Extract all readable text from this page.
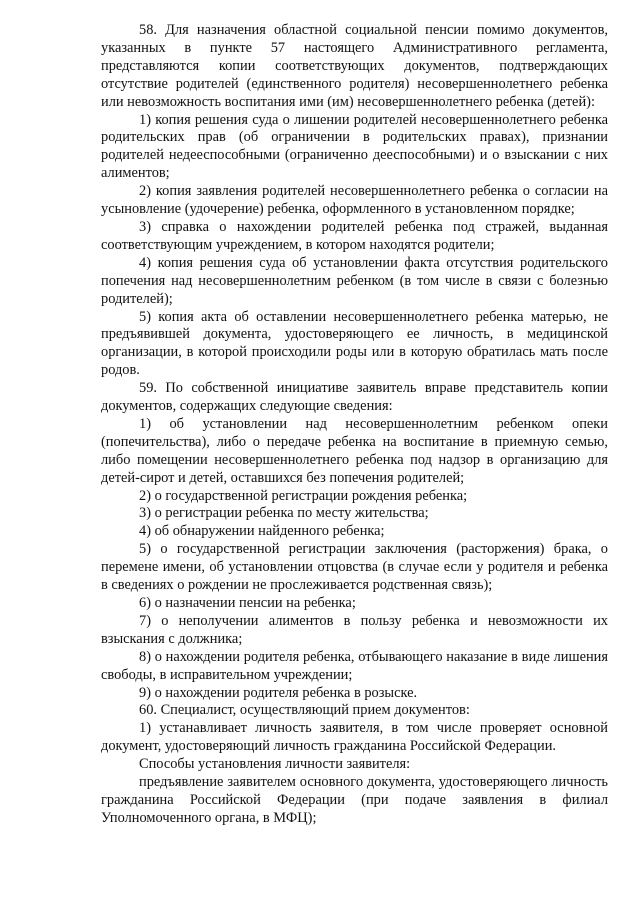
58. Для назначения областной социальной пенсии помимо документов, указанных в пункте 57 настоящего Административного регламента, представляются копии соответствующих документов, подтверждающих отсутствие родителей (единственного родителя) несовершеннолетнего ребенка или невозможность воспитания ими (им) несовершеннолетнего ребенка (детей):

1) копия решения суда о лишении родителей несовершеннолетнего ребенка родительских прав (об ограничении в родительских правах), признании родителей недееспособными (ограниченно дееспособными) и о взыскании с них алиментов;

2) копия заявления родителей несовершеннолетнего ребенка о согласии на усыновление (удочерение) ребенка, оформленного в установленном порядке;

3) справка о нахождении родителей ребенка под стражей, выданная соответствующим учреждением, в котором находятся родители;

4) копия решения суда об установлении факта отсутствия родительского попечения над несовершеннолетним ребенком (в том числе в связи с болезнью родителей);

5) копия акта об оставлении несовершеннолетнего ребенка матерью, не предъявившей документа, удостоверяющего ее личность, в медицинской организации, в которой происходили роды или в которую обратилась мать после родов.

59. По собственной инициативе заявитель вправе представитель копии документов, содержащих следующие сведения:

1) об установлении над несовершеннолетним ребенком опеки (попечительства), либо о передаче ребенка на воспитание в приемную семью, либо помещении несовершеннолетнего ребенка под надзор в организацию для детей-сирот и детей, оставшихся без попечения родителей;

2) о государственной регистрации рождения ребенка;

3) о регистрации ребенка по месту жительства;

4) об обнаружении найденного ребенка;

5) о государственной регистрации заключения (расторжения) брака, о перемене имени, об установлении отцовства (в случае если у родителя и ребенка в сведениях о рождении не прослеживается родственная связь);

6) о назначении пенсии на ребенка;

7) о неполучении алиментов в пользу ребенка и невозможности их взыскания с должника;

8) о нахождении родителя ребенка, отбывающего наказание в виде лишения свободы, в исправительном учреждении;

9) о нахождении родителя ребенка в розыске.

60. Специалист, осуществляющий прием документов:

1) устанавливает личность заявителя, в том числе проверяет основной документ, удостоверяющий личность гражданина Российской Федерации.

Способы установления личности заявителя:

предъявление заявителем основного документа, удостоверяющего личность гражданина Российской Федерации (при подаче заявления в филиал Уполномоченного органа, в МФЦ);
